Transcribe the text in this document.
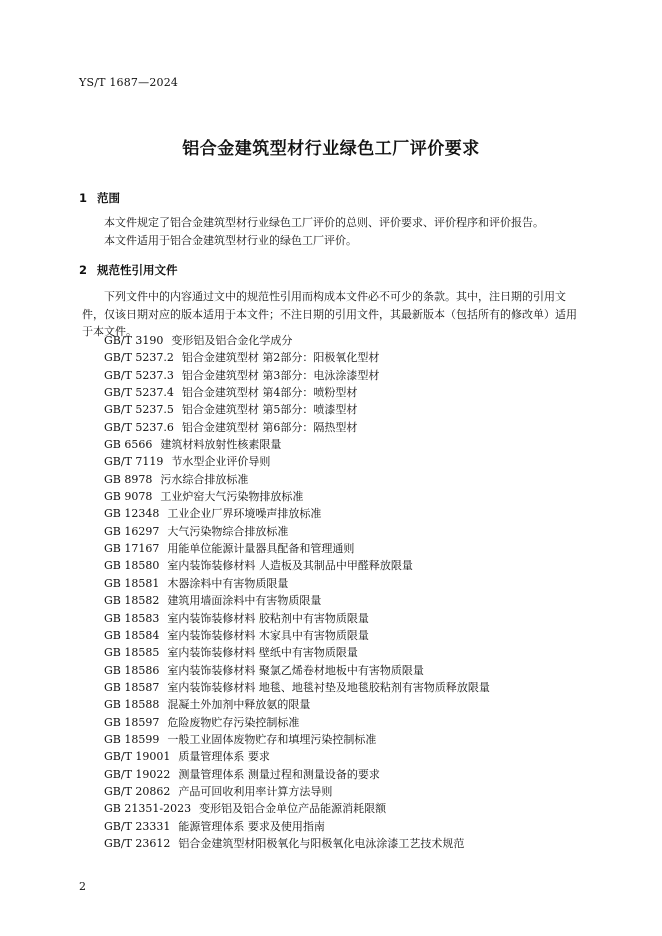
YS/T 1687—2024
铝合金建筑型材行业绿色工厂评价要求
1 范围

本文件规定了铝合金建筑型材行业绿色工厂评价的总则、评价要求、评价程序和评价报告。

本文件适用于铝合金建筑型材行业的绿色工厂评价。

2 规范性引用文件

下列文件中的内容通过文中的规范性引用而构成本文件必不可少的条款。其中，注日期的引用文件，仅该日期对应的版本适用于本文件；不注日期的引用文件，其最新版本（包括所有的修改单）适用于本文件。

GB/T 3190 变形铝及铝合金化学成分
GB/T 5237.2 铝合金建筑型材 第2部分：阳极氧化型材
GB/T 5237.3 铝合金建筑型材 第3部分：电泳涂漆型材
GB/T 5237.4 铝合金建筑型材 第4部分：喷粉型材
GB/T 5237.5 铝合金建筑型材 第5部分：喷漆型材
GB/T 5237.6 铝合金建筑型材 第6部分：隔热型材
GB 6566 建筑材料放射性核素限量
GB/T 7119 节水型企业评价导则
GB 8978 污水综合排放标准
GB 9078 工业炉窑大气污染物排放标准
GB 12348 工业企业厂界环境噪声排放标准
GB 16297 大气污染物综合排放标准
GB 17167 用能单位能源计量器具配备和管理通则
GB 18580 室内装饰装修材料 人造板及其制品中甲醛释放限量
GB 18581 木器涂料中有害物质限量
GB 18582 建筑用墙面涂料中有害物质限量
GB 18583 室内装饰装修材料 胶粘剂中有害物质限量
GB 18584 室内装饰装修材料 木家具中有害物质限量
GB 18585 室内装饰装修材料 壁纸中有害物质限量
GB 18586 室内装饰装修材料 聚氯乙烯卷材地板中有害物质限量
GB 18587 室内装饰装修材料 地毯、地毯衬垫及地毯胶粘剂有害物质释放限量
GB 18588 混凝土外加剂中释放氨的限量
GB 18597 危险废物贮存污染控制标准
GB 18599 一般工业固体废物贮存和填埋污染控制标准
GB/T 19001 质量管理体系 要求
GB/T 19022 测量管理体系 测量过程和测量设备的要求
GB/T 20862 产品可回收利用率计算方法导则
GB 21351-2023 变形铝及铝合金单位产品能源消耗限额
GB/T 23331 能源管理体系 要求及使用指南
GB/T 23612 铝合金建筑型材阳极氧化与阳极氧化电泳涂漆工艺技术规范
2
